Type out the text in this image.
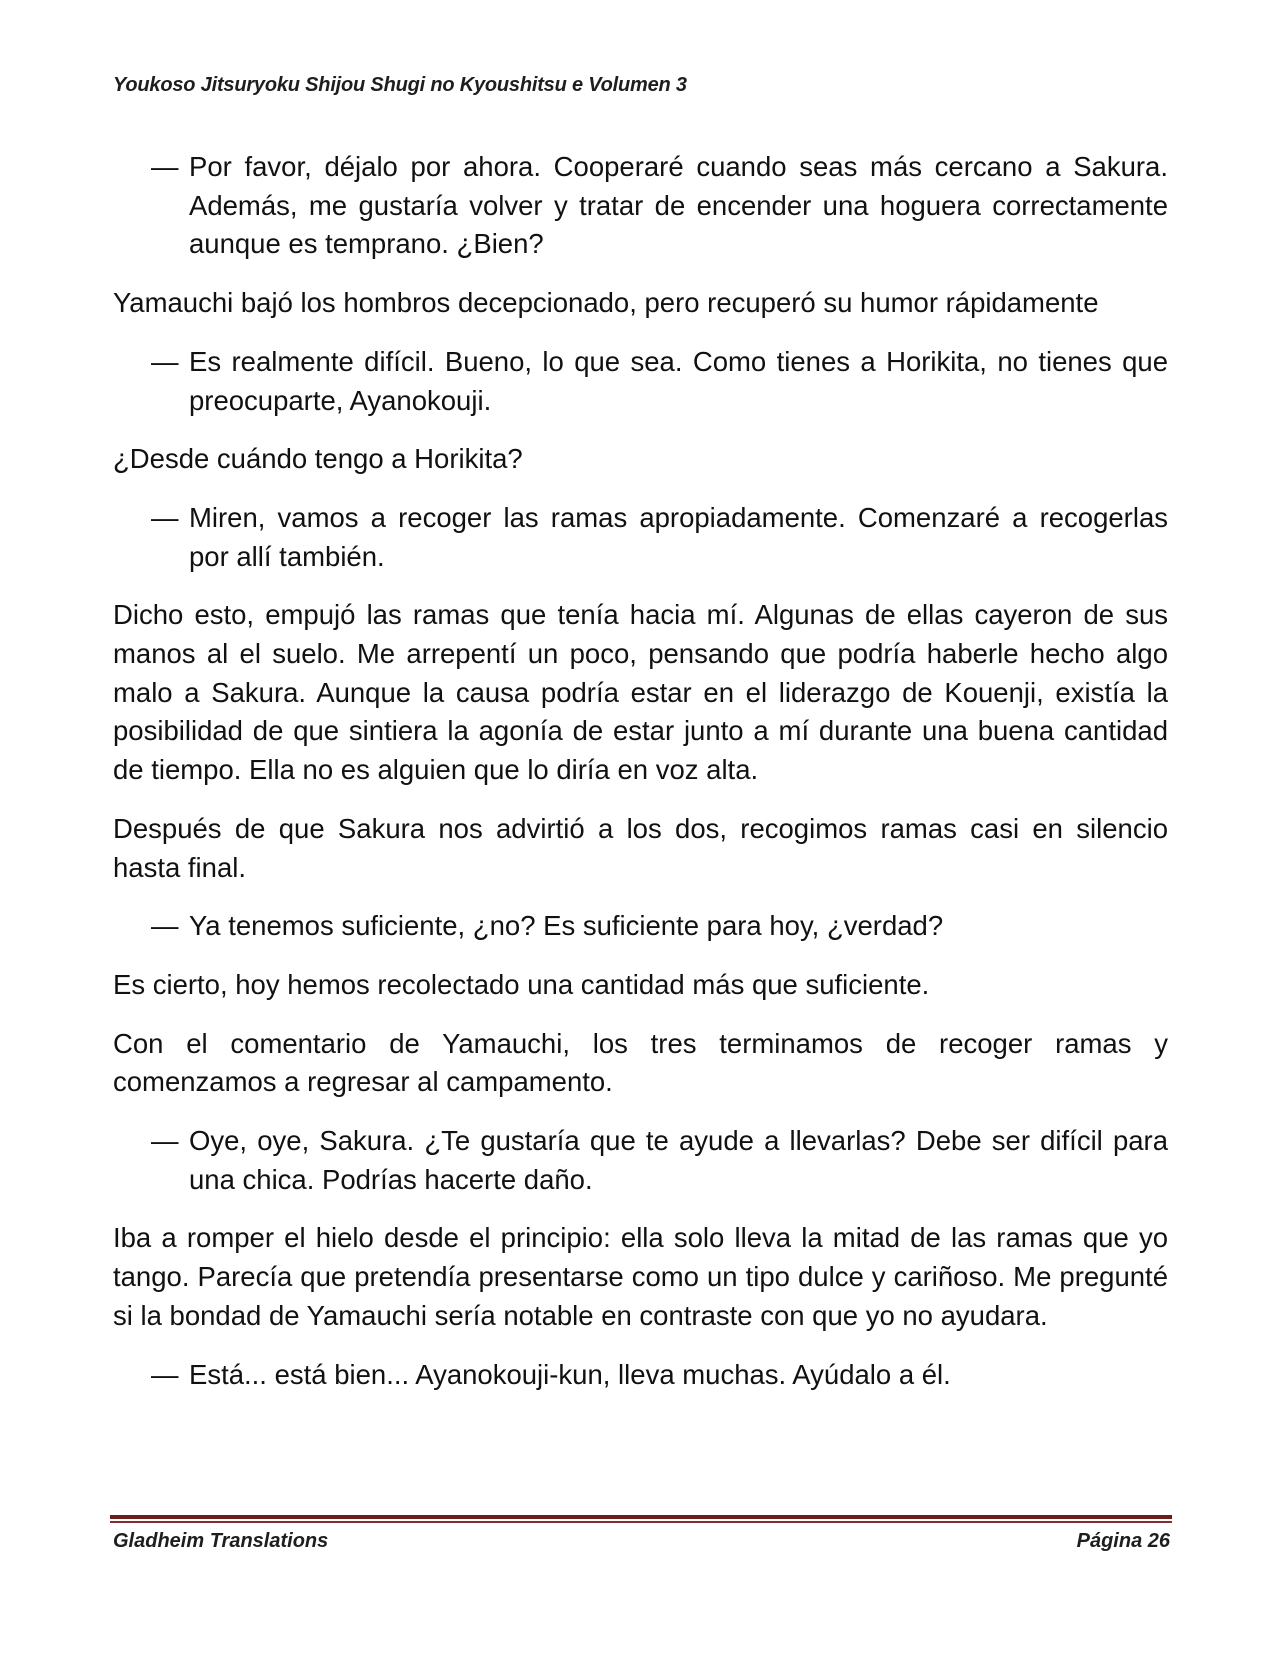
Youkoso Jitsuryoku Shijou Shugi no Kyoushitsu e Volumen 3

— Por favor, déjalo por ahora. Cooperaré cuando seas más cercano a Sakura. Además, me gustaría volver y tratar de encender una hoguera correctamente aunque es temprano. ¿Bien?

Yamauchi bajó los hombros decepcionado, pero recuperó su humor rápidamente

— Es realmente difícil. Bueno, lo que sea. Como tienes a Horikita, no tienes que preocuparte, Ayanokouji.

¿Desde cuándo tengo a Horikita?

— Miren, vamos a recoger las ramas apropiadamente. Comenzaré a recogerlas por allí también.

Dicho esto, empujó las ramas que tenía hacia mí. Algunas de ellas cayeron de sus manos al el suelo. Me arrepentí un poco, pensando que podría haberle hecho algo malo a Sakura. Aunque la causa podría estar en el liderazgo de Kouenji, existía la posibilidad de que sintiera la agonía de estar junto a mí durante una buena cantidad de tiempo. Ella no es alguien que lo diría en voz alta.

Después de que Sakura nos advirtió a los dos, recogimos ramas casi en silencio hasta final.

— Ya tenemos suficiente, ¿no? Es suficiente para hoy, ¿verdad?

Es cierto, hoy hemos recolectado una cantidad más que suficiente.

Con el comentario de Yamauchi, los tres terminamos de recoger ramas y comenzamos a regresar al campamento.

— Oye, oye, Sakura. ¿Te gustaría que te ayude a llevarlas? Debe ser difícil para una chica. Podrías hacerte daño.

Iba a romper el hielo desde el principio: ella solo lleva la mitad de las ramas que yo tango. Parecía que pretendía presentarse como un tipo dulce y cariñoso. Me pregunté si la bondad de Yamauchi sería notable en contraste con que yo no ayudara.

— Está... está bien... Ayanokouji-kun, lleva muchas. Ayúdalo a él.

Gladheim Translations	Página 26
